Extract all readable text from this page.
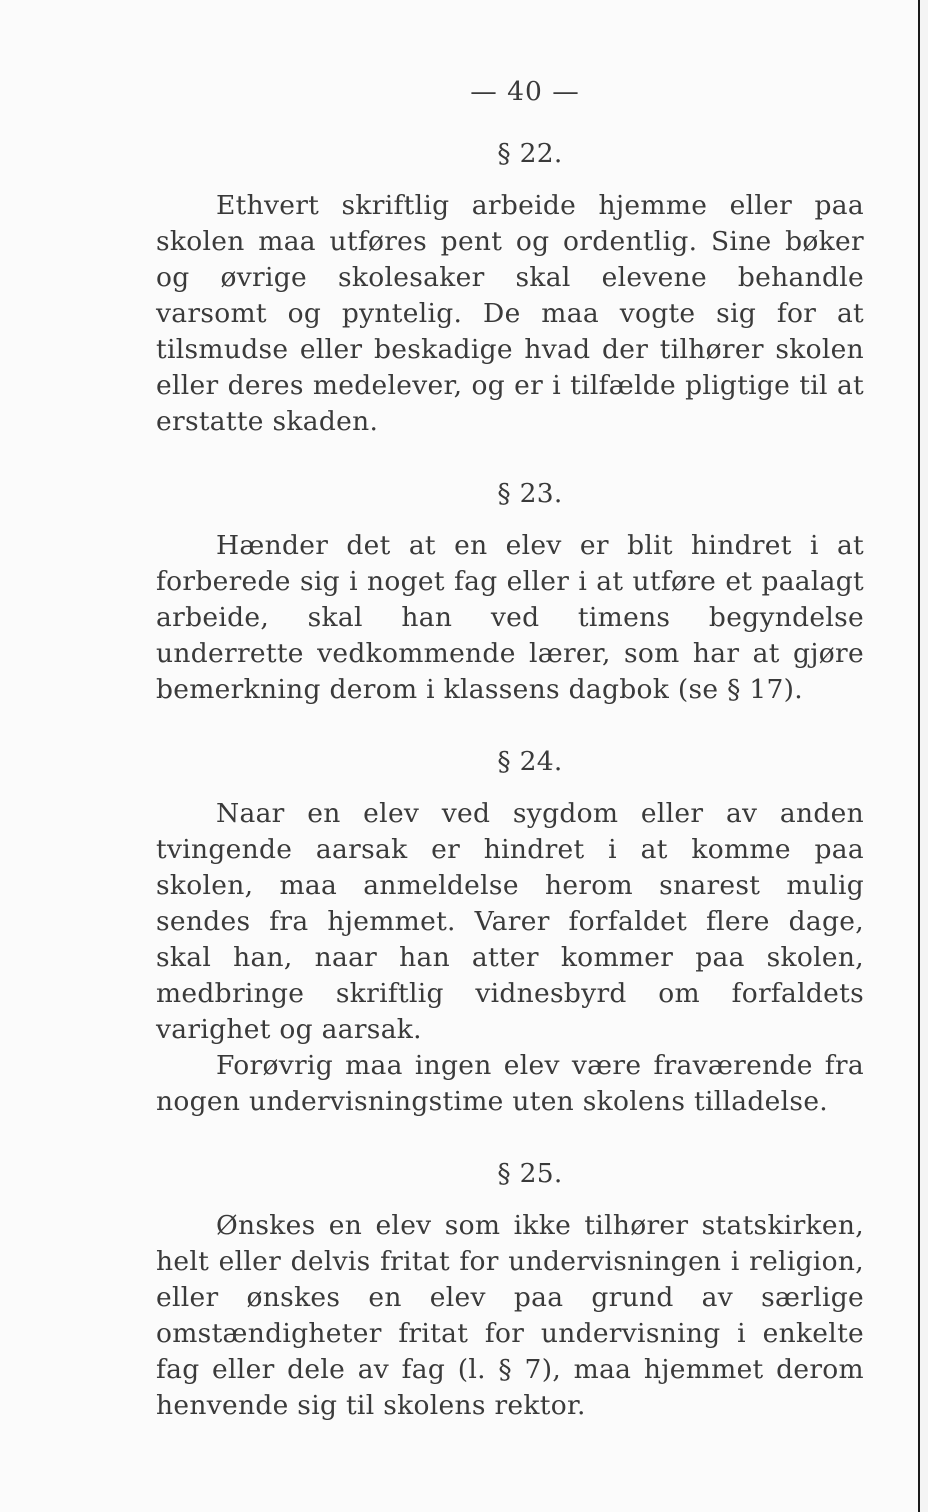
— 40 —
§ 22.

Ethvert skriftlig arbeide hjemme eller paa skolen maa utføres pent og ordentlig. Sine bøker og øvrige skolesaker skal elevene behandle varsomt og pyntelig. De maa vogte sig for at tilsmudse eller beskadige hvad der tilhører skolen eller deres medelever, og er i tilfælde pligtige til at erstatte skaden.

§ 23.

Hænder det at en elev er blit hindret i at forberede sig i noget fag eller i at utføre et paalagt arbeide, skal han ved timens begyndelse underrette vedkommende lærer, som har at gjøre bemerkning derom i klassens dagbok (se § 17).

§ 24.

Naar en elev ved sygdom eller av anden tvingende aarsak er hindret i at komme paa skolen, maa anmeldelse herom snarest mulig sendes fra hjemmet. Varer forfaldet flere dage, skal han, naar han atter kommer paa skolen, medbringe skriftlig vidnesbyrd om forfaldets varighet og aarsak.

Forøvrig maa ingen elev være fraværende fra nogen undervisningstime uten skolens tilladelse.

§ 25.

Ønskes en elev som ikke tilhører statskirken, helt eller delvis fritat for undervisningen i religion, eller ønskes en elev paa grund av særlige omstændigheter fritat for undervisning i enkelte fag eller dele av fag (l. § 7), maa hjemmet derom henvende sig til skolens rektor.
